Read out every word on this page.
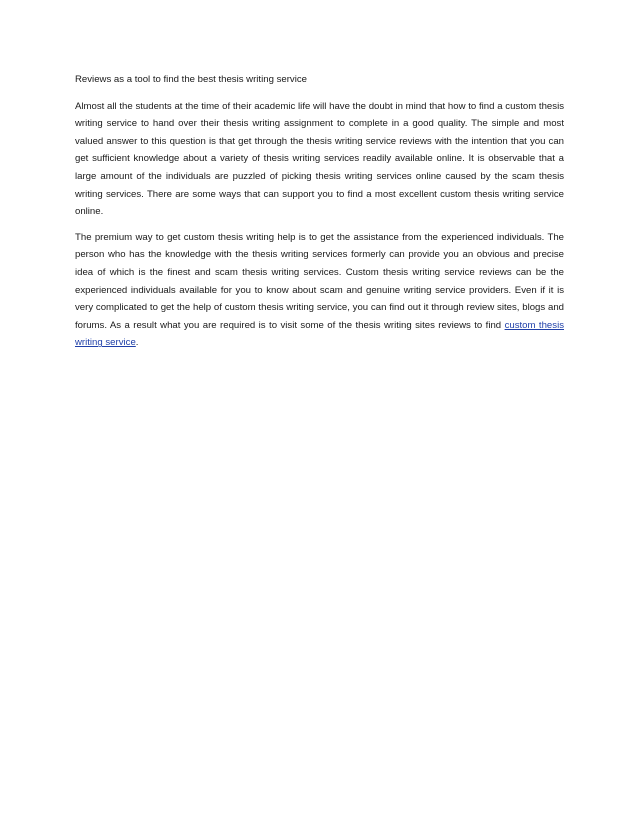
Reviews as a tool to find the best thesis writing service

Almost all the students at the time of their academic life will have the doubt in mind that how to find a custom thesis writing service to hand over their thesis writing assignment to complete in a good quality. The simple and most valued answer to this question is that get through the thesis writing service reviews with the intention that you can get sufficient knowledge about a variety of thesis writing services readily available online. It is observable that a large amount of the individuals are puzzled of picking thesis writing services online caused by the scam thesis writing services. There are some ways that can support you to find a most excellent custom thesis writing service online.

The premium way to get custom thesis writing help is to get the assistance from the experienced individuals. The person who has the knowledge with the thesis writing services formerly can provide you an obvious and precise idea of which is the finest and scam thesis writing services. Custom thesis writing service reviews can be the experienced individuals available for you to know about scam and genuine writing service providers. Even if it is very complicated to get the help of custom thesis writing service, you can find out it through review sites, blogs and forums. As a result what you are required is to visit some of the thesis writing sites reviews to find custom thesis writing service.
